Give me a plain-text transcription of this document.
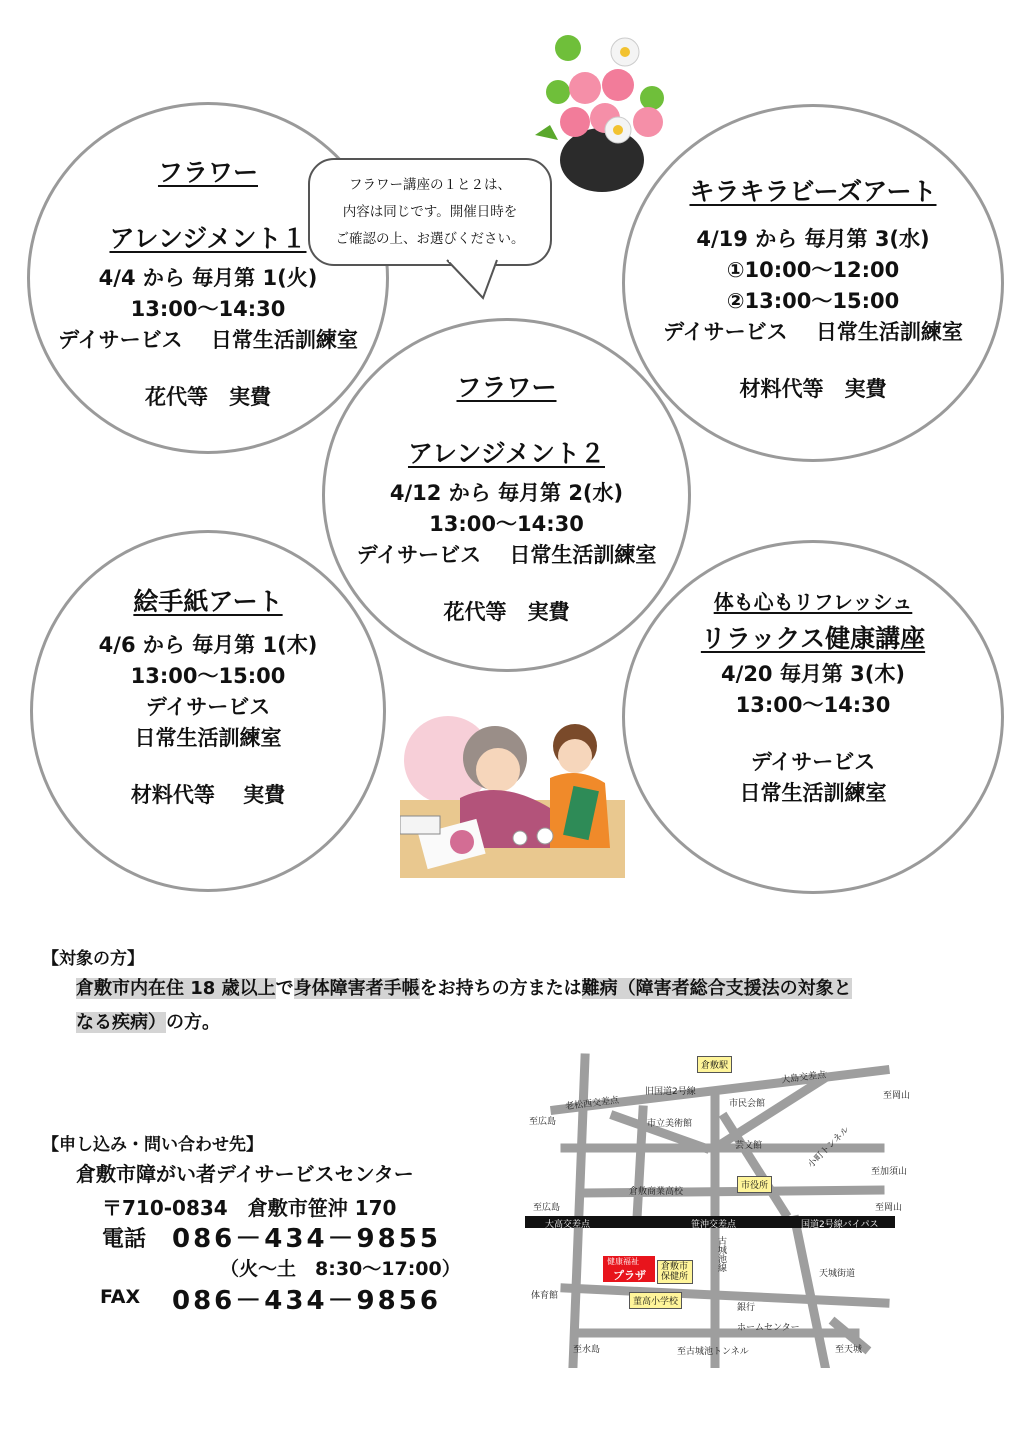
フラワー
アレンジメント１
4/4 から 毎月第 1(火)
13:00～14:30
デイサービス　 日常生活訓練室
花代等　実費
キラキラビーズアート
4/19 から 毎月第 3(水)
①10:00～12:00
②13:00～15:00
デイサービス　 日常生活訓練室
材料代等　実費
フラワー
アレンジメント２
4/12 から 毎月第 2(水)
13:00～14:30
デイサービス　 日常生活訓練室
花代等　実費
絵手紙アート
4/6 から 毎月第 1(木)
13:00～15:00
デイサービス
日常生活訓練室
材料代等　 実費
体も心もリフレッシュ
リラックス健康講座
4/20 毎月第 3(木)
13:00～14:30
デイサービス
日常生活訓練室
フラワー講座の１と２は、
内容は同じです。開催日時を
ご確認の上、お選びください。
【対象の方】
倉敷市内在住 18 歳以上で身体障害者手帳をお持ちの方または難病（障害者総合支援法の対象と
なる疾病）の方。
【申し込み・問い合わせ先】
倉敷市障がい者デイサービスセンター
〒710-0834　倉敷市笹沖 170
電話 086－434－9855
（火～土　8:30～17:00）
FAX 086－434－9856
倉敷駅
旧国道2号線
老松西交差点
大島交差点
至岡山
至広島
市民会館
市立美術館
芸文館	小町トンネル
至加須山
倉敷商業高校
市役所
至広島	至岡山
大高交差点	笹沖交差点	国道2号線バイパス
古城池線
健康福祉
プラザ
倉敷市保健所
菫高小学校
天城街道
体育館
銀行
ホームセンター
至水島	至古城池トンネル	至天城
